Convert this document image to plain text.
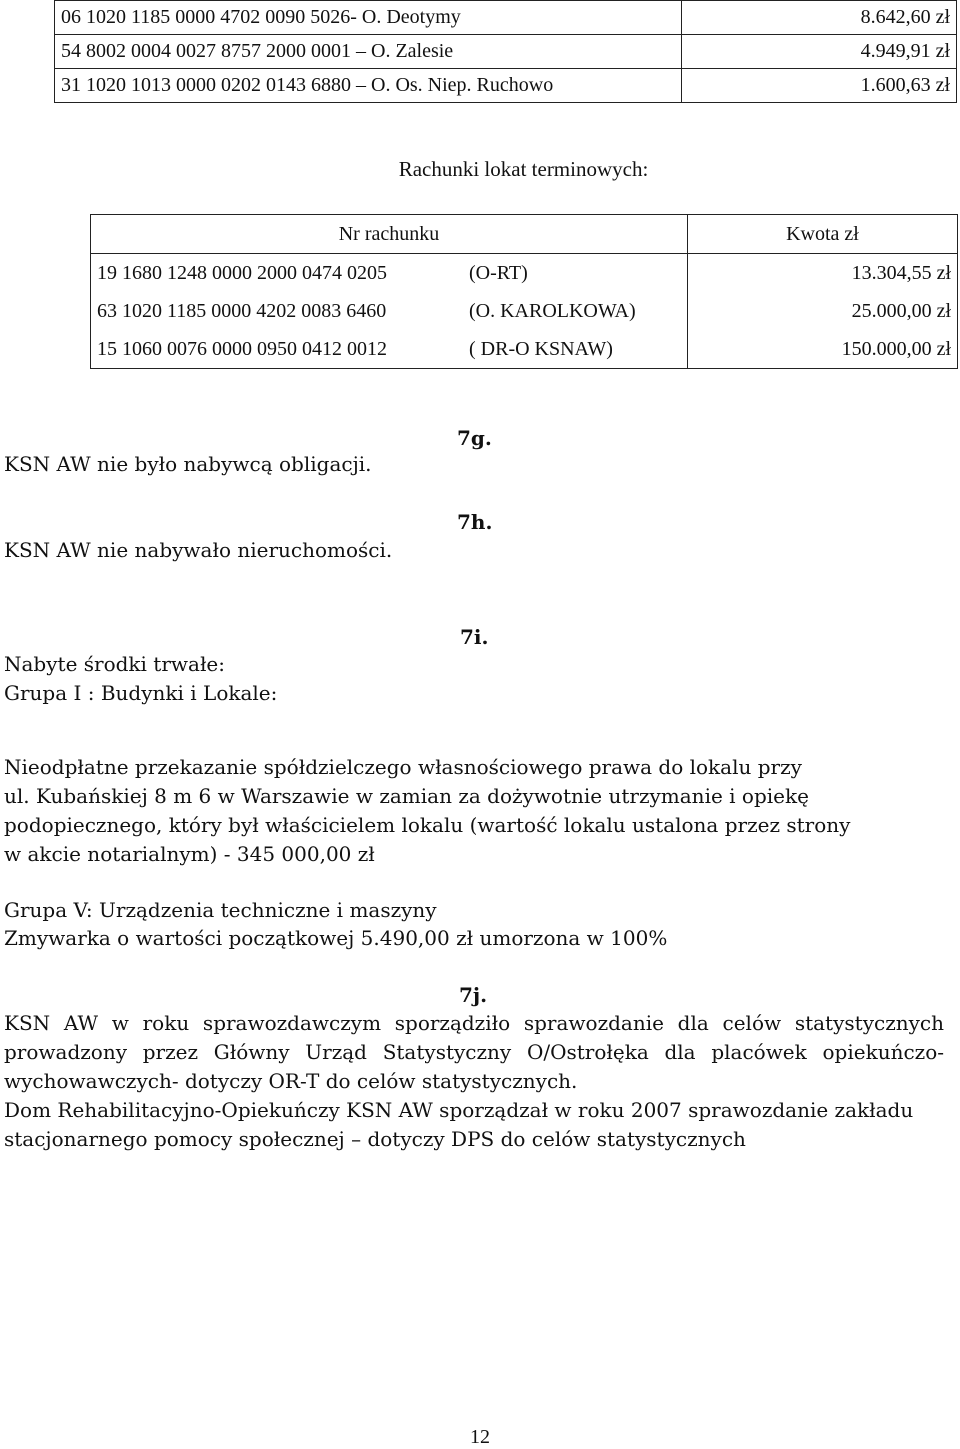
06 1020 1185 0000 4702 0090 5026- O. Deotymy	8.642,60 zł
54 8002 0004 0027 8757 2000 0001 – O. Zalesie	4.949,91 zł
31 1020 1013 0000 0202 0143 6880 – O. Os. Niep. Ruchowo	1.600,63 zł
Rachunki lokat terminowych:
Nr rachunku		Kwota zł
19 1680 1248 0000 2000 0474 0205	(O-RT)	13.304,55 zł
63 1020 1185 0000 4202 0083 6460	(O. KAROLKOWA)	25.000,00 zł
15 1060 0076 0000 0950 0412 0012	( DR-O KSNAW)	150.000,00 zł
7g.
KSN AW nie było nabywcą obligacji.
7h.
KSN AW nie nabywało nieruchomości.
7i.
Nabyte środki trwałe:
Grupa I : Budynki i Lokale:
Nieodpłatne przekazanie spółdzielczego własnościowego prawa do lokalu przy
ul. Kubańskiej 8 m 6 w Warszawie w zamian za dożywotnie utrzymanie i opiekę
podopiecznego, który był właścicielem lokalu (wartość lokalu ustalona przez strony
w akcie notarialnym) - 345 000,00 zł
Grupa V: Urządzenia techniczne i maszyny
Zmywarka o wartości początkowej 5.490,00 zł umorzona w 100%
7j.
KSN AW w roku sprawozdawczym sporządziło sprawozdanie dla celów statystycznych
prowadzony przez Główny Urząd Statystyczny O/Ostrołęka dla placówek opiekuńczo-
wychowawczych- dotyczy OR-T do celów statystycznych.
Dom Rehabilitacyjno-Opiekuńczy KSN AW sporządzał w roku 2007 sprawozdanie zakładu
stacjonarnego pomocy społecznej – dotyczy DPS do celów statystycznych
12
